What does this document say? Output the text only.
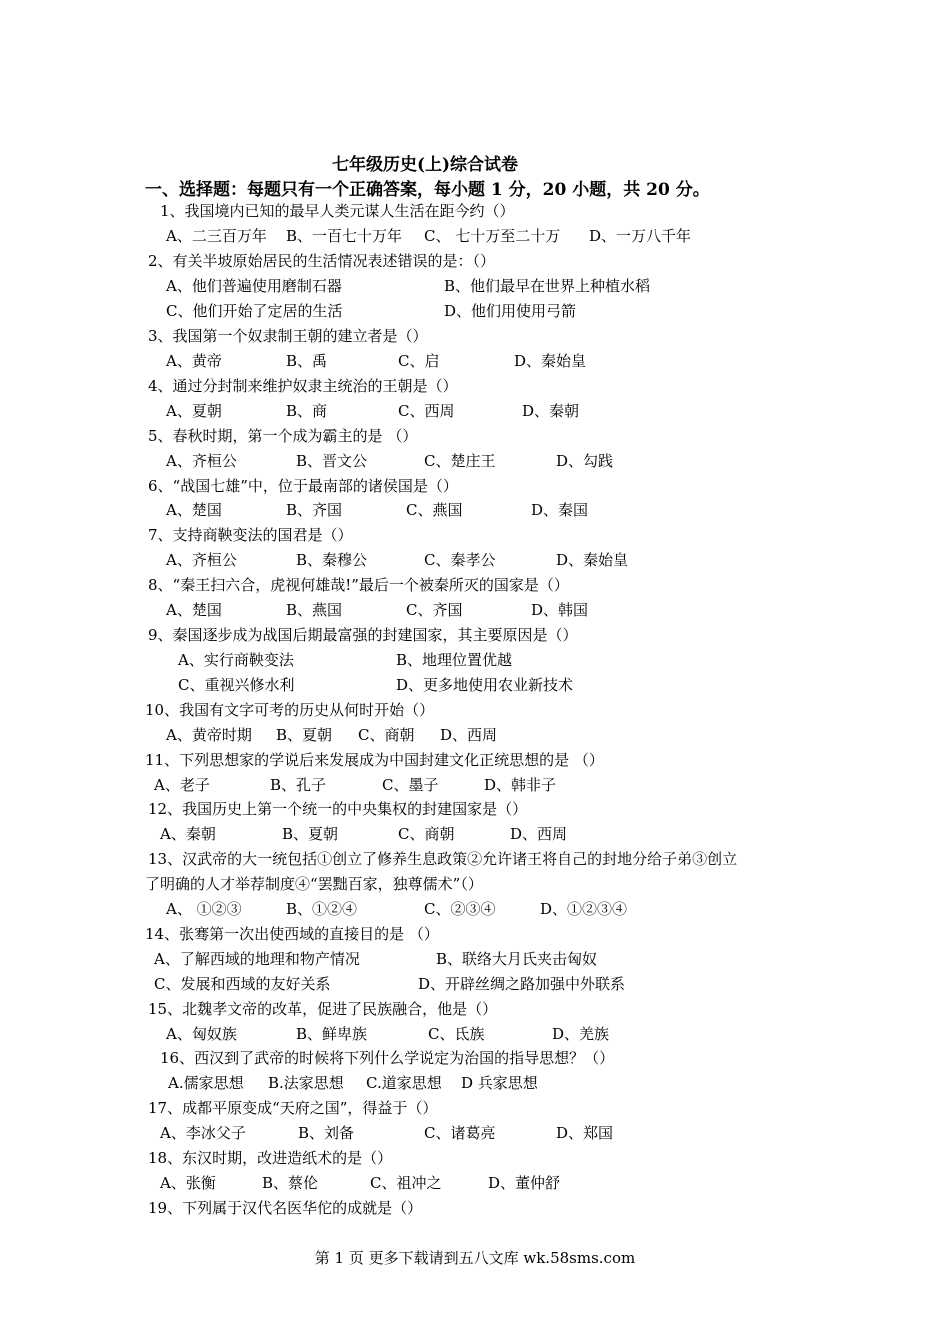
七年级历史(上)综合试卷
一、选择题：每题只有一个正确答案，每小题 1 分，20 小题，共 20 分。
1、我国境内已知的最早人类元谋人生活在距今约（）
A、二三百万年 B、一百七十万年 C、 七十万至二十万 D、一万八千年
2、有关半坡原始居民的生活情况表述错误的是：（）
A、他们普遍使用磨制石器	B、他们最早在世界上种植水稻
C、他们开始了定居的生活	D、他们用使用弓箭
3、我国第一个奴隶制王朝的建立者是（）
A、黄帝	B、禹	C、启	D、秦始皇
4、通过分封制来维护奴隶主统治的王朝是（）
A、夏朝	B、商	C、西周	D、秦朝
5、春秋时期，第一个成为霸主的是 （）
A、齐桓公	B、晋文公	C、楚庄王	D、勾践
6、“战国七雄”中，位于最南部的诸侯国是（）
A、楚国	B、齐国	C、燕国	D、秦国
7、支持商鞅变法的国君是（）
A、齐桓公	B、秦穆公	C、秦孝公	D、秦始皇
8、“秦王扫六合，虎视何雄哉!”最后一个被秦所灭的国家是（）
A、楚国	B、燕国	C、齐国	D、韩国
9、秦国逐步成为战国后期最富强的封建国家，其主要原因是（）
A、实行商鞅变法	B、地理位置优越
C、重视兴修水利	D、更多地使用农业新技术
10、我国有文字可考的历史从何时开始（）
A、黄帝时期 B、夏朝 C、商朝 D、西周
11、下列思想家的学说后来发展成为中国封建文化正统思想的是 （）
A、老子	B、孔子	C、墨子	D、韩非子
12、我国历史上第一个统一的中央集权的封建国家是（）
A、秦朝	B、夏朝	C、商朝	D、西周
13、汉武帝的大一统包括①创立了修养生息政策②允许诸王将自己的封地分给子弟③创立
了明确的人才举荐制度④“罢黜百家，独尊儒术”（）
A、 ①②③	B、①②④	C、②③④	D、①②③④
14、张骞第一次出使西域的直接目的是 （）
A、了解西域的地理和物产情况	B、联络大月氏夹击匈奴
C、发展和西域的友好关系	D、开辟丝绸之路加强中外联系
15、北魏孝文帝的改革，促进了民族融合，他是（）
A、匈奴族	B、鲜卑族	C、氐族	D、羌族
16、西汉到了武帝的时候将下列什么学说定为治国的指导思想？（）
A.儒家思想 B.法家思想 C.道家思想 D 兵家思想
17、成都平原变成“天府之国”，得益于（）
A、李冰父子	B、刘备	C、诸葛亮	D、郑国
18、东汉时期，改进造纸术的是（）
A、张衡	B、蔡伦	C、祖冲之	D、董仲舒
19、下列属于汉代名医华佗的成就是（）
第 1 页 更多下载请到五八文库 wk.58sms.com
